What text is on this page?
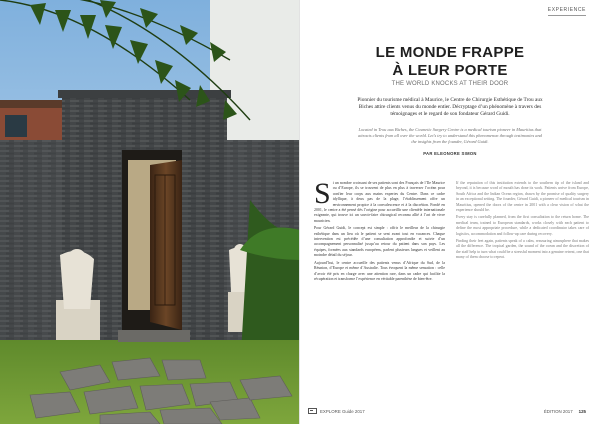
EXPERIENCE
LE MONDE FRAPPE
À LEUR PORTE
THE WORLD KNOCKS AT THEIR DOOR
Pionnier du tourisme médical à Maurice, le Centre de Chirurgie Esthétique de Trou aux Biches attire clients venus du monde entier. Décryptage d’un phénomène à travers des témoignages et le regard de son fondateur Gérard Guidi.
Located in Trou aux Biches, the Cosmetic Surgery Centre is a medical tourism pioneer in Mauritius that attracts clients from all over the world. Let’s try to understand this phenomenon through testimonies and the insights from the founder, Gérard Guidi.
PAR ELEONORE SIMON
S i un nombre croissant de ses patients sont des Français de l’Île Maurice ou d’Europe, ils se trouvent de plus en plus à traverser l’océan pour confier leur corps aux mains expertes du Centre. Dans ce cadre idyllique, à deux pas de la plage, l’établissement offre un environnement propice à la convalescence et à la discrétion. Fondé en 2001, le centre a été pensé dès l’origine pour accueillir une clientèle internationale exigeante, qui trouve ici un savoir-faire chirurgical reconnu allié à l’art de vivre mauricien.

Pour Gérard Guidi, le concept est simple : offrir le meilleur de la chirurgie esthétique dans un lieu où le patient se sent avant tout en vacances. Chaque intervention est précédée d’une consultation approfondie et suivie d’un accompagnement personnalisé jusqu’au retour du patient dans son pays. Les équipes, formées aux standards européens, parlent plusieurs langues et veillent au moindre détail du séjour.

Aujourd’hui, le centre accueille des patients venus d’Afrique du Sud, de la Réunion, d’Europe et même d’Australie. Tous évoquent la même sensation : celle d’avoir été pris en charge avec une attention rare, dans un cadre qui facilite la récupération et transforme l’expérience en véritable parenthèse de bien-être.

If the reputation of this institution extends to the southern tip of the island and beyond, it is because word of mouth has done its work. Patients arrive from Europe, South Africa and the Indian Ocean region, drawn by the promise of quality surgery in an exceptional setting. The founder, Gérard Guidi, a pioneer of medical tourism in Mauritius, opened the doors of the centre in 2001 with a clear vision of what the experience should be.

Every stay is carefully planned, from the first consultation to the return home. The medical team, trained to European standards, works closely with each patient to define the most appropriate procedure, while a dedicated coordinator takes care of logistics, accommodation and follow-up care during recovery.

Finding their feet again, patients speak of a calm, reassuring atmosphere that makes all the difference. The tropical garden, the sound of the ocean and the discretion of the staff help to turn what could be a stressful moment into a genuine retreat, one that many of them choose to repeat.

EXPLORE Guide 2017	ÉDITION 2017 125
